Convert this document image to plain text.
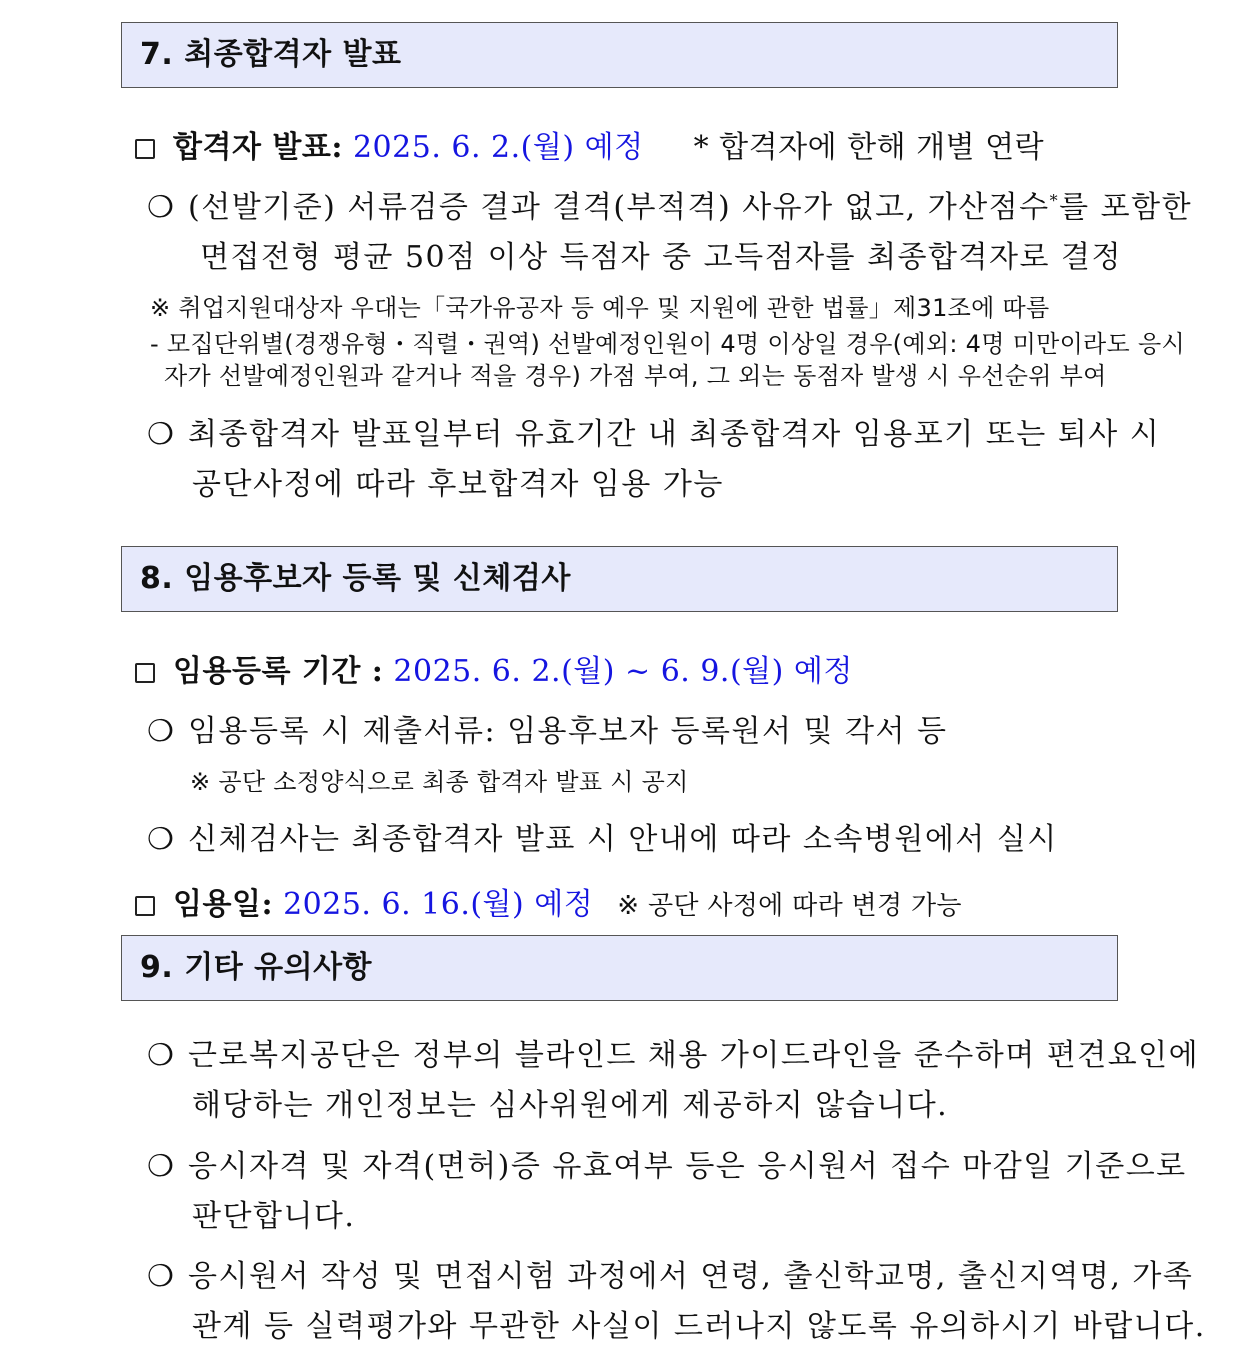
7. 최종합격자 발표
합격자 발표: 2025. 6. 2.(월) 예정 * 합격자에 한해 개별 연락
❍ (선발기준) 서류검증 결과 결격(부적격) 사유가 없고, 가산점수*를 포함한
면접전형 평균 50점 이상 득점자 중 고득점자를 최종합격자로 결정
※ 취업지원대상자 우대는「국가유공자 등 예우 및 지원에 관한 법률」제31조에 따름
- 모집단위별(경쟁유형・직렬・권역) 선발예정인원이 4명 이상일 경우(예외: 4명 미만이라도 응시
자가 선발예정인원과 같거나 적을 경우) 가점 부여, 그 외는 동점자 발생 시 우선순위 부여
❍ 최종합격자 발표일부터 유효기간 내 최종합격자 임용포기 또는 퇴사 시
공단사정에 따라 후보합격자 임용 가능
8. 임용후보자 등록 및 신체검사
임용등록 기간 : 2025. 6. 2.(월) ~ 6. 9.(월) 예정
❍ 임용등록 시 제출서류: 임용후보자 등록원서 및 각서 등
※ 공단 소정양식으로 최종 합격자 발표 시 공지
❍ 신체검사는 최종합격자 발표 시 안내에 따라 소속병원에서 실시
임용일: 2025. 6. 16.(월) 예정 ※ 공단 사정에 따라 변경 가능
9. 기타 유의사항
❍ 근로복지공단은 정부의 블라인드 채용 가이드라인을 준수하며 편견요인에
해당하는 개인정보는 심사위원에게 제공하지 않습니다.
❍ 응시자격 및 자격(면허)증 유효여부 등은 응시원서 접수 마감일 기준으로
판단합니다.
❍ 응시원서 작성 및 면접시험 과정에서 연령, 출신학교명, 출신지역명, 가족
관계 등 실력평가와 무관한 사실이 드러나지 않도록 유의하시기 바랍니다.
